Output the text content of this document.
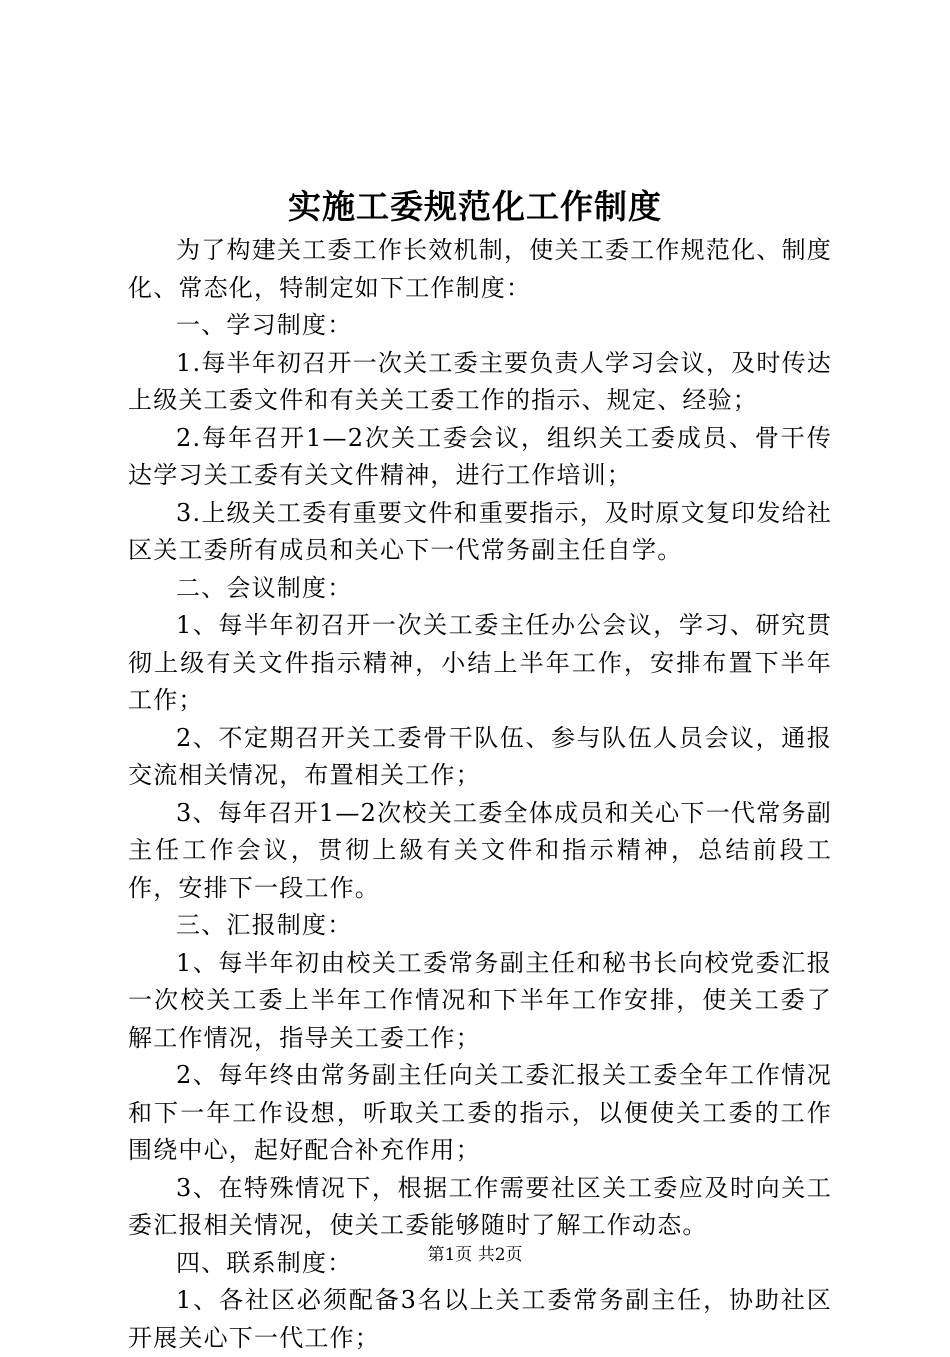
实施工委规范化工作制度

为了构建关工委工作长效机制，使关工委工作规范化、制度化、常态化，特制定如下工作制度：

一、学习制度：

1.每半年初召开一次关工委主要负责人学习会议，及时传达上级关工委文件和有关关工委工作的指示、规定、经验；

2.每年召开1—2次关工委会议，组织关工委成员、骨干传达学习关工委有关文件精神，进行工作培训；

3.上级关工委有重要文件和重要指示，及时原文复印发给社区关工委所有成员和关心下一代常务副主任自学。

二、会议制度：

1、每半年初召开一次关工委主任办公会议，学习、研究贯彻上级有关文件指示精神，小结上半年工作，安排布置下半年工作；

2、不定期召开关工委骨干队伍、参与队伍人员会议，通报交流相关情况，布置相关工作；

3、每年召开1—2次校关工委全体成员和关心下一代常务副主任工作会议，贯彻上級有关文件和指示精神，总结前段工作，安排下一段工作。

三、汇报制度：

1、每半年初由校关工委常务副主任和秘书长向校党委汇报一次校关工委上半年工作情况和下半年工作安排，使关工委了解工作情况，指导关工委工作；

2、每年终由常务副主任向关工委汇报关工委全年工作情况和下一年工作设想，听取关工委的指示，以便使关工委的工作围绕中心，起好配合补充作用；

3、在特殊情况下，根据工作需要社区关工委应及时向关工委汇报相关情况，使关工委能够随时了解工作动态。

四、联系制度：

1、各社区必须配备3名以上关工委常务副主任，协助社区开展关心下一代工作；

第1页 共2页
